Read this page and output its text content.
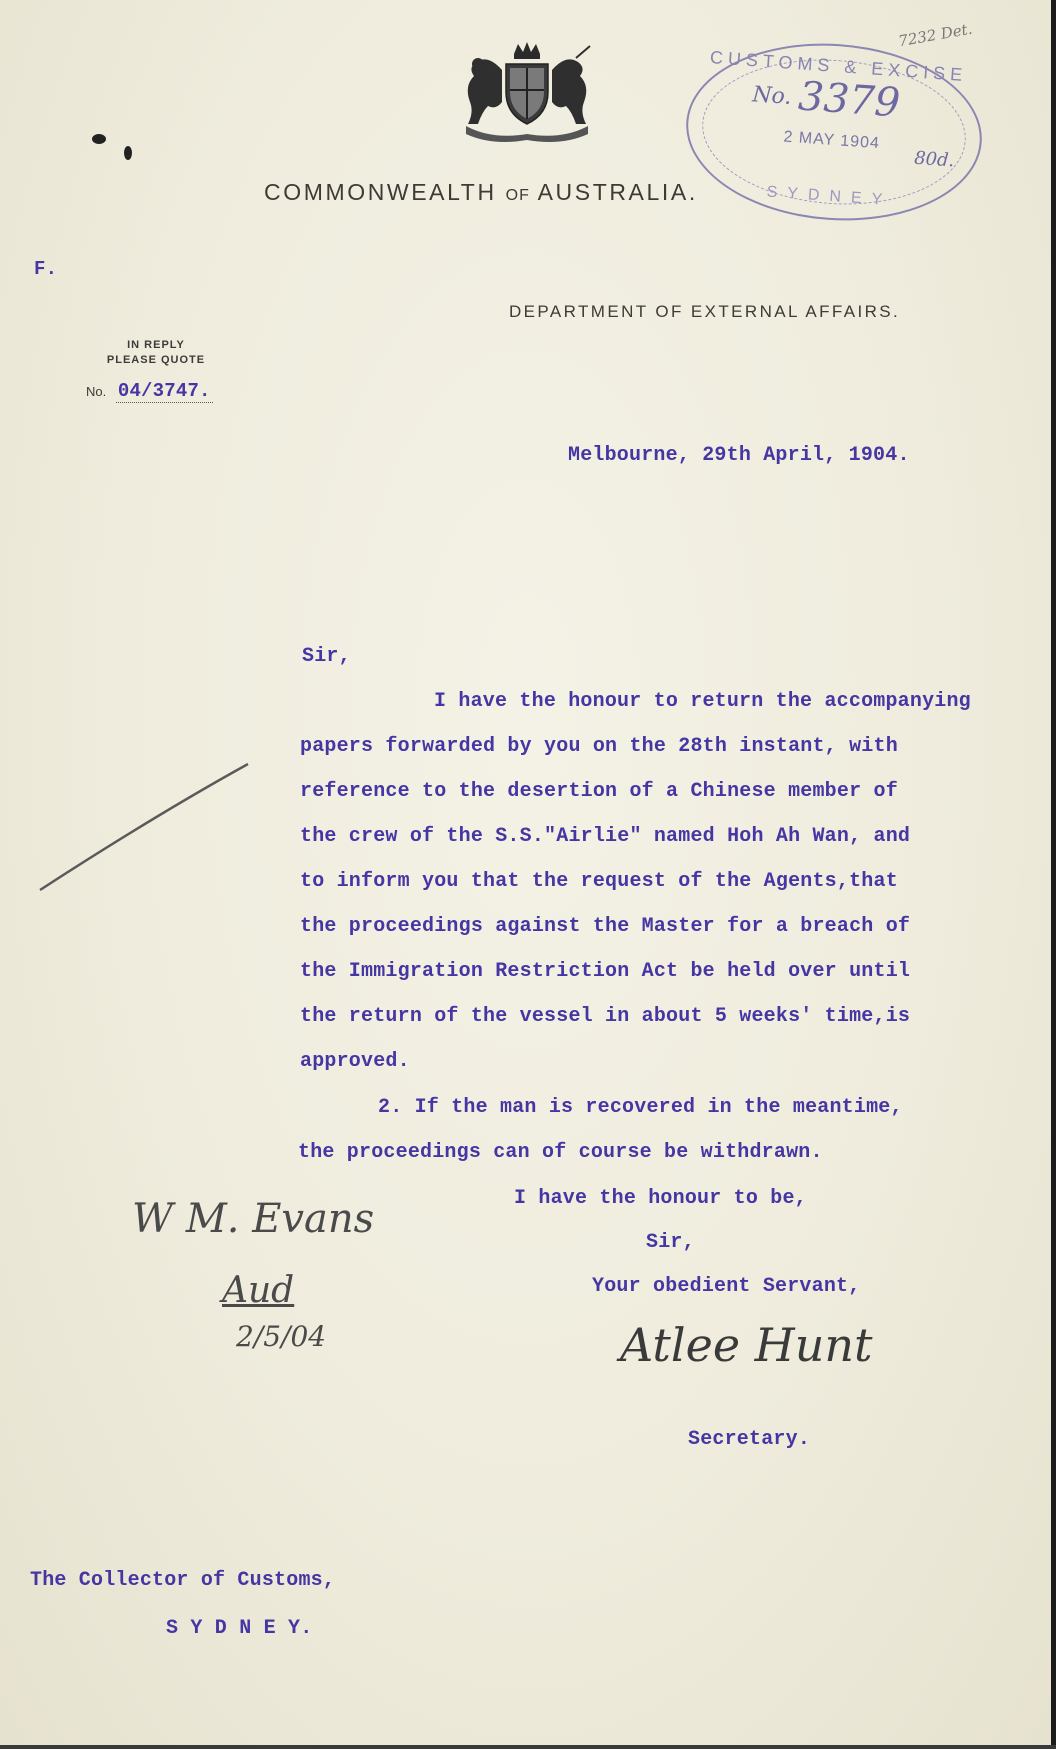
7232 Det.
CUSTOMS & EXCISE
No. 3379
2 MAY 1904
80d.
SYDNEY
COMMONWEALTH OF AUSTRALIA.
F.
DEPARTMENT OF EXTERNAL AFFAIRS.
IN REPLY
PLEASE QUOTE
No. 04/3747.
Melbourne, 29th April, 1904.
Sir,
I have the honour to return the accompanying
papers forwarded by you on the 28th instant, with
reference to the desertion of a Chinese member of
the crew of the S.S."Airlie" named Hoh Ah Wan, and
to inform you that the request of the Agents,that
the proceedings against the Master for a breach of
the Immigration Restriction Act be held over until
the return of the vessel in about 5 weeks' time,is
approved.
2. If the man is recovered in the meantime,
the proceedings can of course be withdrawn.
I have the honour to be,
Sir,
Your obedient Servant,
Atlee Hunt
Secretary.
W M. Evans
Aud
2/5/04
The Collector of Customs,
S Y D N E Y.
